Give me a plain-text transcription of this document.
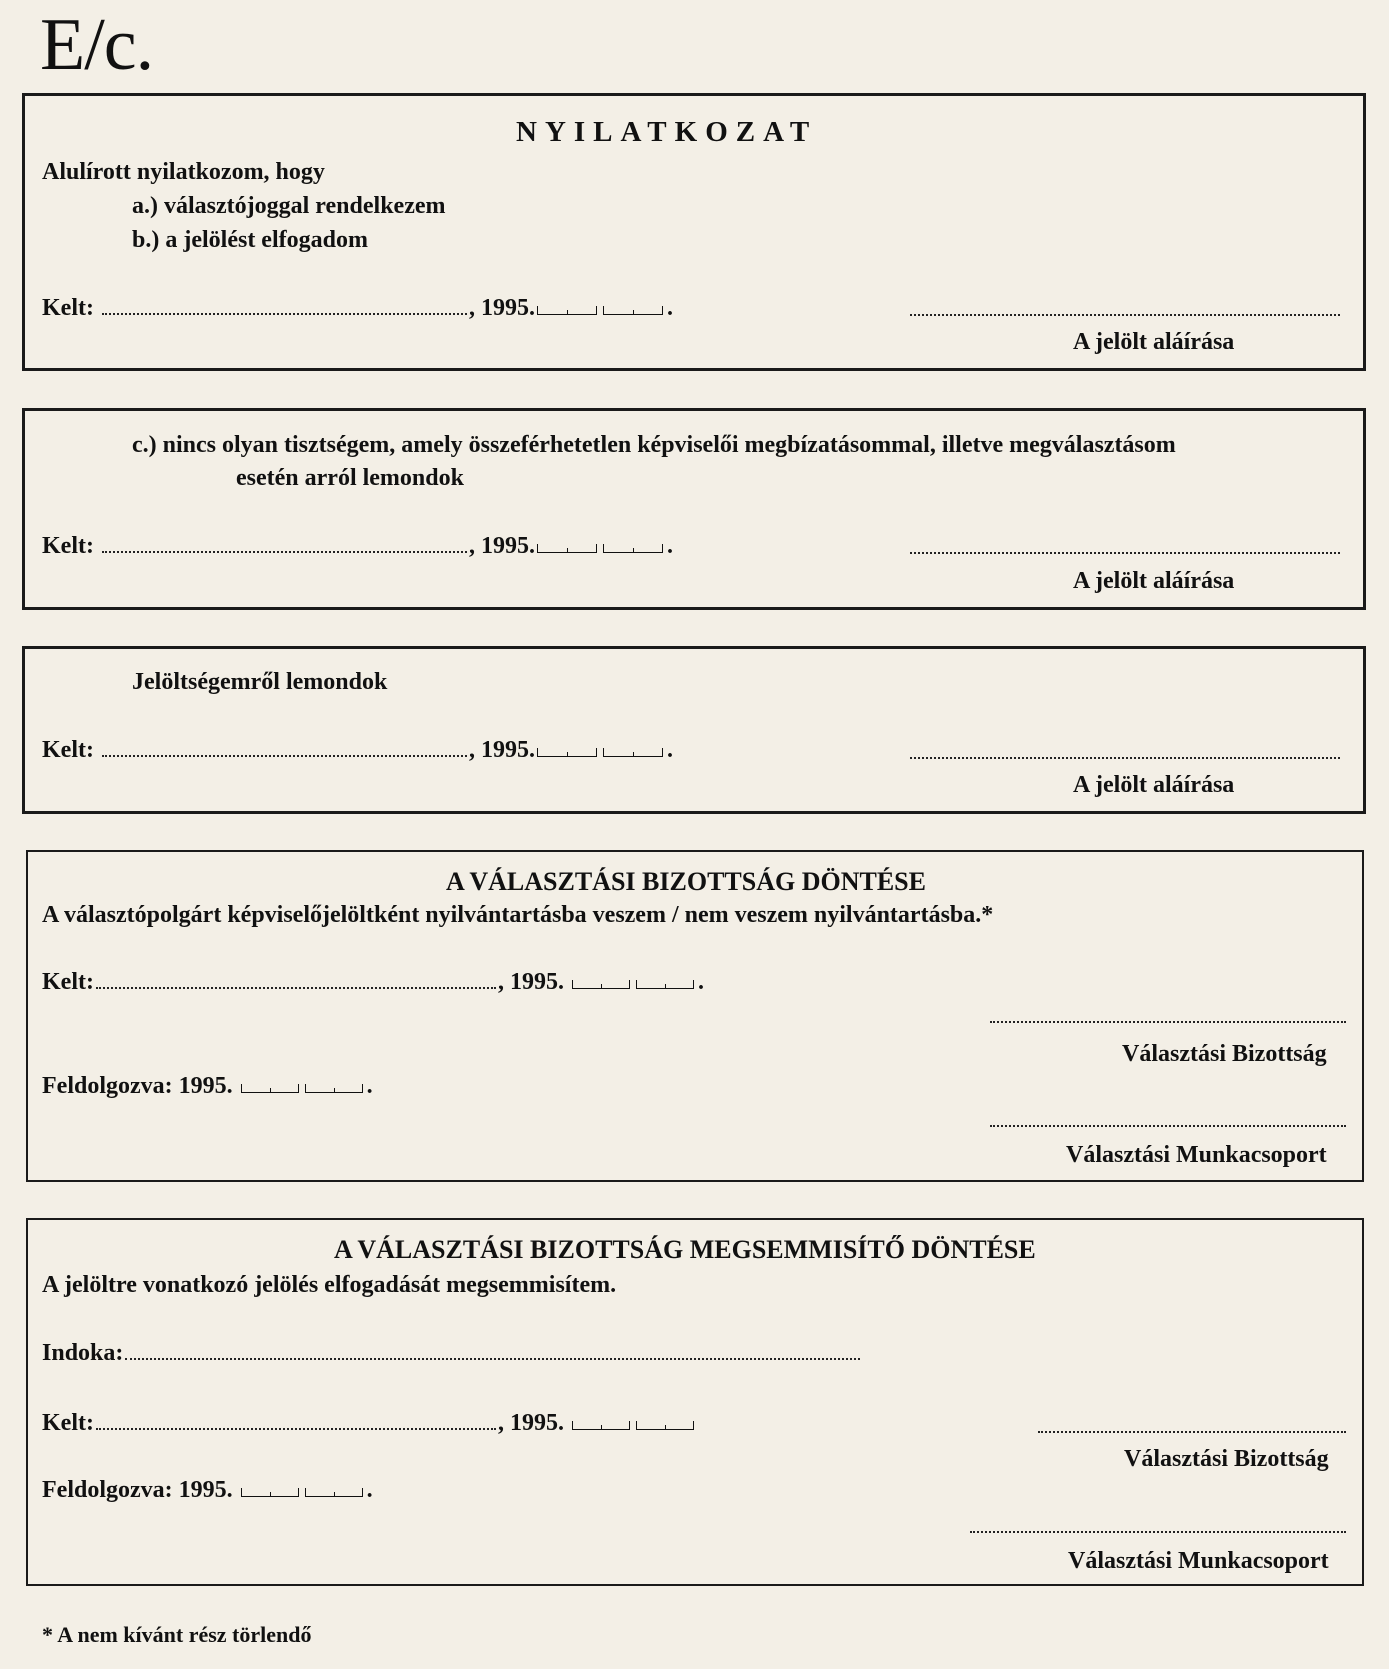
E/c.
NYILATKOZAT
Alulírott nyilatkozom, hogy
a.) választójoggal rendelkezem
b.) a jelölést elfogadom
Kelt:	, 1995.	.
A jelölt aláírása
c.) nincs olyan tisztségem, amely összeférhetetlen képviselői megbízatásommal, illetve megválasztásom
esetén arról lemondok
Kelt:	, 1995.	.
A jelölt aláírása
Jelöltségemről lemondok
Kelt:	, 1995.	.
A jelölt aláírása
A VÁLASZTÁSI BIZOTTSÁG DÖNTÉSE
A választópolgárt képviselőjelöltként nyilvántartásba veszem / nem veszem nyilvántartásba.*
Kelt:	, 1995.	.
Választási Bizottság
Feldolgozva: 1995.	.
Választási Munkacsoport
A VÁLASZTÁSI BIZOTTSÁG MEGSEMMISÍTŐ DÖNTÉSE
A jelöltre vonatkozó jelölés elfogadását megsemmisítem.
Indoka:
Kelt:	, 1995.
Választási Bizottság
Feldolgozva: 1995.	.
Választási Munkacsoport
* A nem kívánt rész törlendő
